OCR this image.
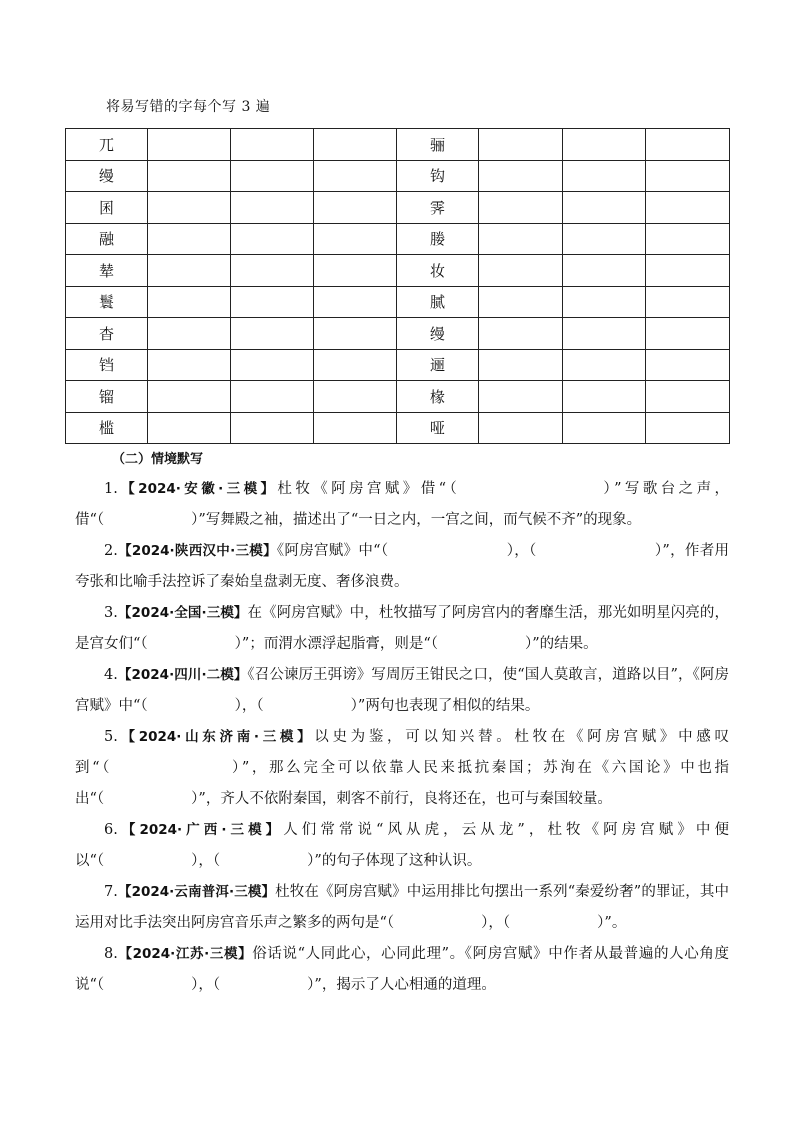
将易写错的字每个写 3 遍
兀				骊			
缦				钩			
囷				霁			
融				媵			
辇				妆			
鬟				腻			
杳				缦			
铛				逦			
镏				椽			
槛				哑			
（二）情境默写

1.【2024·安徽·三模】杜牧《阿房宫赋》借“（　　　　　　　　）”写歌台之声，借“（　　　　　　）”写舞殿之袖，描述出了“一日之内，一宫之间，而气候不齐”的现象。

2.【2024·陕西汉中·三模】《阿房宫赋》中“（　　　　　　　　），（　　　　　　　　）”，作者用夸张和比喻手法控诉了秦始皇盘剥无度、奢侈浪费。

3.【2024·全国·三模】在《阿房宫赋》中，杜牧描写了阿房宫内的奢靡生活，那光如明星闪亮的，是宫女们“（　　　　　　）”；而渭水漂浮起脂膏，则是“（　　　　　　）”的结果。

4.【2024·四川·二模】《召公谏厉王弭谤》写周厉王钳民之口，使“国人莫敢言，道路以目”，《阿房宫赋》中“（　　　　　　），（　　　　　　）”两句也表现了相似的结果。

5.【2024·山东济南·三模】以史为鉴，可以知兴替。杜牧在《阿房宫赋》中感叹到“（　　　　　　　）”，那么完全可以依靠人民来抵抗秦国；苏洵在《六国论》中也指出“（　　　　　　）”，齐人不依附秦国，刺客不前行，良将还在，也可与秦国较量。

6.【2024·广西·三模】人们常常说“风从虎，云从龙”，杜牧《阿房宫赋》中便以“（　　　　　　），（　　　　　　）”的句子体现了这种认识。

7.【2024·云南普洱·三模】杜牧在《阿房宫赋》中运用排比句摆出一系列“秦爱纷奢”的罪证，其中运用对比手法突出阿房宫音乐声之繁多的两句是“（　　　　　　），（　　　　　　）”。

8.【2024·江苏·三模】俗话说“人同此心，心同此理”。《阿房宫赋》中作者从最普遍的人心角度说“（　　　　　　），（　　　　　　）”，揭示了人心相通的道理。
